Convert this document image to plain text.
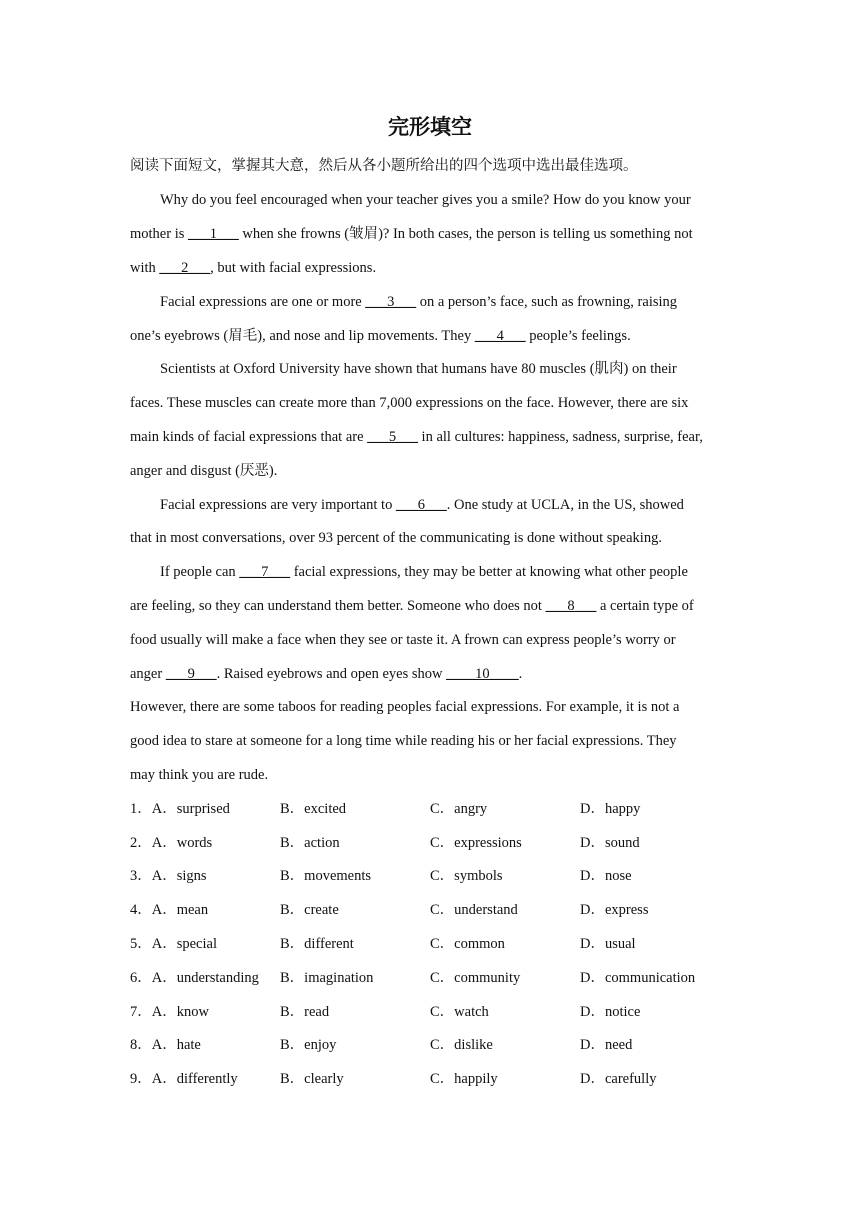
完形填空
阅读下面短文，掌握其大意，然后从各小题所给出的四个选项中选出最佳选项。
Why do you feel encouraged when your teacher gives you a smile? How do you know your
mother is ___1___ when she frowns (皱眉)? In both cases, the person is telling us something not
with ___2___, but with facial expressions.
Facial expressions are one or more ___3___ on a person’s face, such as frowning, raising
one’s eyebrows (眉毛), and nose and lip movements. They ___4___ people’s feelings.
Scientists at Oxford University have shown that humans have 80 muscles (肌肉) on their
faces. These muscles can create more than 7,000 expressions on the face. However, there are six
main kinds of facial expressions that are ___5___ in all cultures: happiness, sadness, surprise, fear,
anger and disgust (厌恶).
Facial expressions are very important to ___6___. One study at UCLA, in the US, showed
that in most conversations, over 93 percent of the communicating is done without speaking.
If people can ___7___ facial expressions, they may be better at knowing what other people
are feeling, so they can understand them better. Someone who does not ___8___ a certain type of
food usually will make a face when they see or taste it. A frown can express people’s worry or
anger ___9___. Raised eyebrows and open eyes show ____10____.
However, there are some taboos for reading peoples facial expressions. For example, it is not a
good idea to stare at someone for a long time while reading his or her facial expressions. They
may think you are rude.
1．A．surprised	B．excited	C．angry	D．happy
2．A．words	B．action	C．expressions	D．sound
3．A．signs	B．movements	C．symbols	D．nose
4．A．mean	B．create	C．understand	D．express
5．A．special	B．different	C．common	D．usual
6．A．understanding B．imagination	C．community	D．communication
7．A．know	B．read	C．watch	D．notice
8．A．hate	B．enjoy	C．dislike	D．need
9．A．differently	B．clearly	C．happily	D．carefully
